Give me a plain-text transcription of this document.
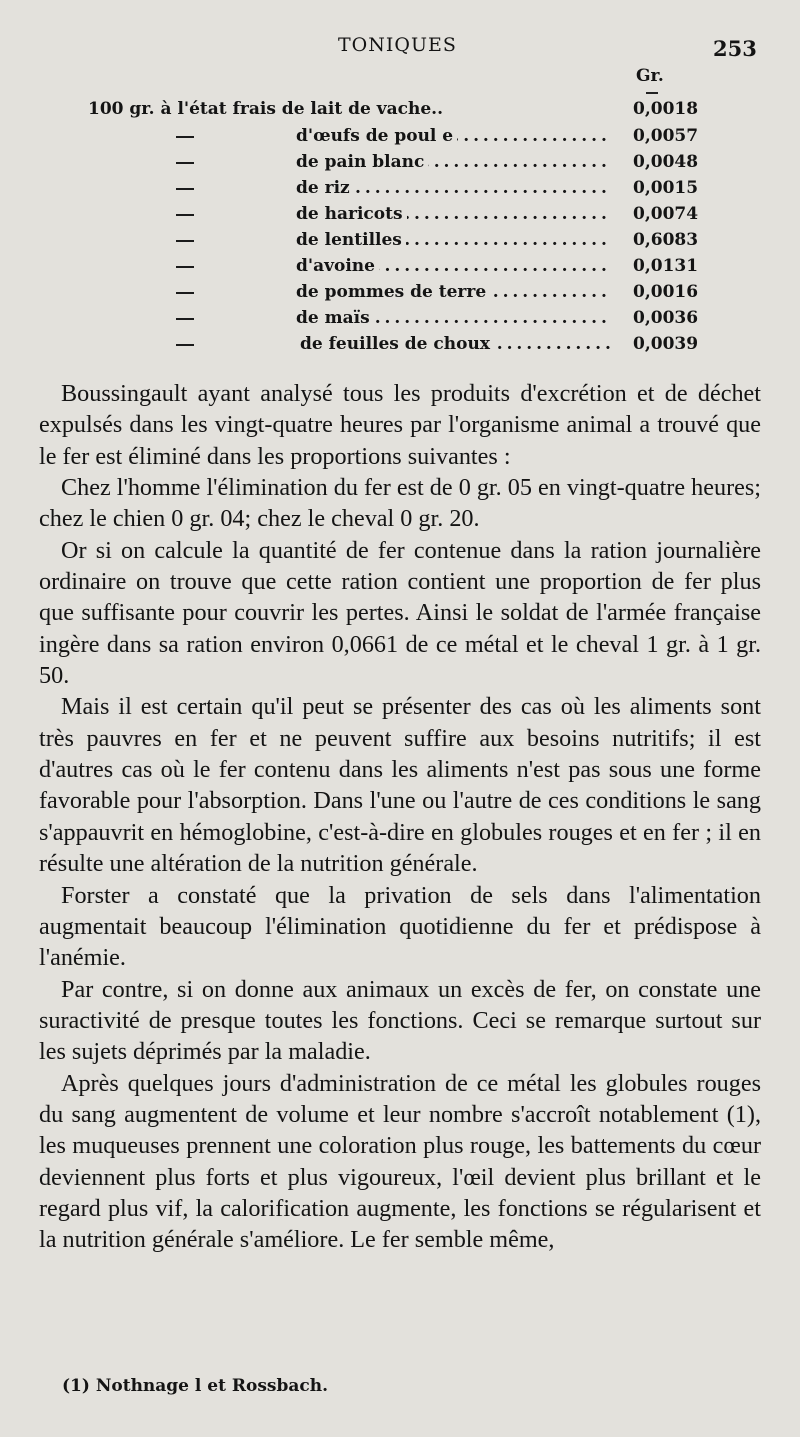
TONIQUES	253
Gr.
100 gr. à l'état frais de lait de vache..	0,0018
d'œufs de poul e . . .	0,0057
de pain blanc . . .	0,0048
de riz . . .	0,0015
de haricots . . .	0,0074
de lentilles . . .	0,6083
d'avoine . . .	0,0131
de pommes de terre . . .	0,0016
de maïs . . .	0,0036
de feuilles de choux . . .	0,0039

Boussingault ayant analysé tous les produits d'excrétion et de déchet expulsés dans les vingt-quatre heures par l'organisme animal a trouvé que le fer est éliminé dans les proportions suivantes :

Chez l'homme l'élimination du fer est de 0 gr. 05 en vingt-quatre heures; chez le chien 0 gr. 04; chez le cheval 0 gr. 20.

Or si on calcule la quantité de fer contenue dans la ration journalière ordinaire on trouve que cette ration contient une proportion de fer plus que suffisante pour couvrir les pertes. Ainsi le soldat de l'armée française ingère dans sa ration environ 0,0661 de ce métal et le cheval 1 gr. à 1 gr. 50.

Mais il est certain qu'il peut se présenter des cas où les aliments sont très pauvres en fer et ne peuvent suffire aux besoins nutritifs; il est d'autres cas où le fer contenu dans les aliments n'est pas sous une forme favorable pour l'absorption. Dans l'une ou l'autre de ces conditions le sang s'appauvrit en hémoglobine, c'est-à-dire en globules rouges et en fer ; il en résulte une altération de la nutrition générale.

Forster a constaté que la privation de sels dans l'alimentation augmentait beaucoup l'élimination quotidienne du fer et prédispose à l'anémie.

Par contre, si on donne aux animaux un excès de fer, on constate une suractivité de presque toutes les fonctions. Ceci se remarque surtout sur les sujets déprimés par la maladie.

Après quelques jours d'administration de ce métal les globules rouges du sang augmentent de volume et leur nombre s'accroît notablement (1), les muqueuses prennent une coloration plus rouge, les battements du cœur deviennent plus forts et plus vigoureux, l'œil devient plus brillant et le regard plus vif, la calorification augmente, les fonctions se régularisent et la nutrition générale s'améliore. Le fer semble même,

(1) Nothnage l et Rossbach.
